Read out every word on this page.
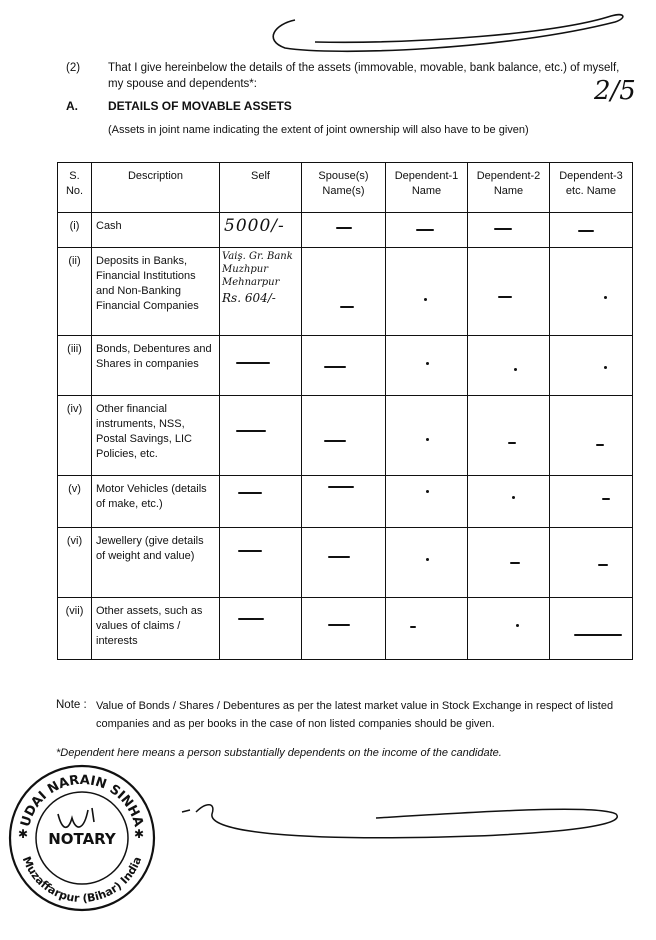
2/5
(2) That I give hereinbelow the details of the assets (immovable, movable, bank balance, etc.) of myself, my spouse and dependents*:
A.	DETAILS OF MOVABLE ASSETS
(Assets in joint name indicating the extent of joint ownership will also have to be given)
S. No.	Description	Self	Spouse(s) Name(s)	Dependent-1 Name	Dependent-2 Name	Dependent-3 etc. Name
(i)	Cash	5000/-	

(ii)	Deposits in Banks, Financial Institutions and Non-Banking Financial Companies	Vaiş. Gr. Bank
Muzhpur
Mehnarpur
Rs. 604/-				

(iii)	Bonds, Debentures and Shares in companies	

(iv)	Other financial instruments, NSS, Postal Savings, LIC Policies, etc.	

(v)	Motor Vehicles (details of make, etc.)	

(vi)	Jewellery (give details of weight and value)	

(vii)	Other assets, such as values of claims / interests	

Note : Value of Bonds / Shares / Debentures as per the latest market value in Stock Exchange in respect of listed companies and as per books in the case of non listed companies should be given.
*Dependent here means a person substantially dependents on the income of the candidate.
UDAI NARAIN SINHA
Muzaffarpur (Bihar) India
NOTARY
✱	✱
